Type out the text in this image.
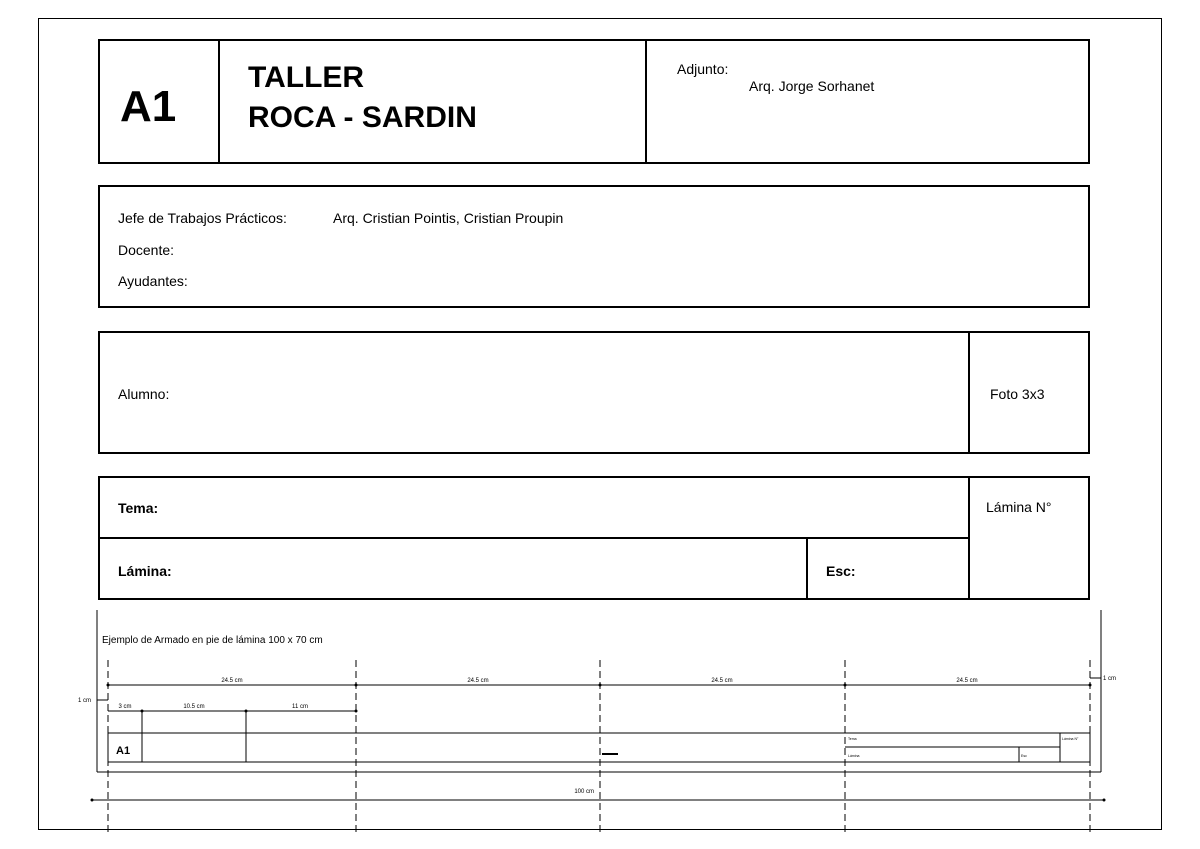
A1
TALLER
ROCA - SARDIN
Adjunto:
Arq. Jorge Sorhanet
Jefe de Trabajos Prácticos:	Arq. Cristian Pointis, Cristian Proupin
Docente:
Ayudantes:
Alumno:	Foto 3x3
Tema:
Lámina:	Esc:
Lámina N°
Ejemplo de Armado en pie de lámina 100 x 70 cm
24.5 cm	24.5 cm	24.5 cm	24.5 cm
3 cm	10.5 cm	11 cm
1 cm
1 cm
100 cm
A1
Tema
Lámina	Esc
Lámina N°
